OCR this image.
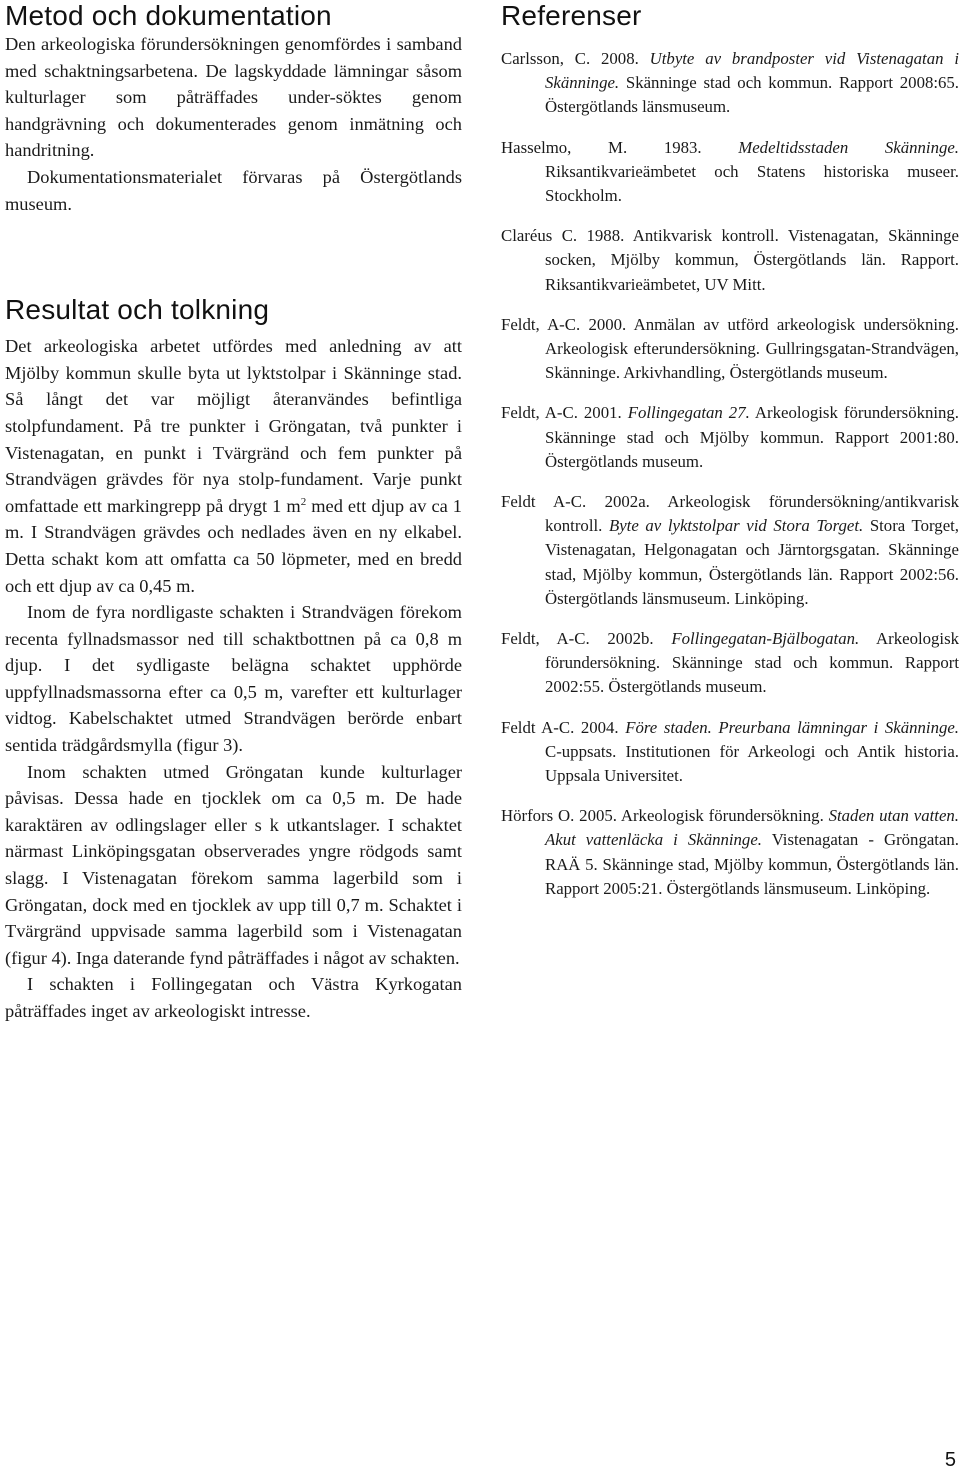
Metod och dokumentation

Den arkeologiska förundersökningen genomfördes i samband med schaktningsarbetena. De lagskyddade lämningar såsom kulturlager som påträffades under-söktes genom handgrävning och dokumenterades genom inmätning och handritning.

Dokumentationsmaterialet förvaras på Östergötlands museum.

Resultat och tolkning

Det arkeologiska arbetet utfördes med anledning av att Mjölby kommun skulle byta ut lyktstolpar i Skänninge stad. Så långt det var möjligt återanvändes befintliga stolpfundament. På tre punkter i Gröngatan, två punkter i Vistenagatan, en punkt i Tvärgränd och fem punkter på Strandvägen grävdes för nya stolp-fundament. Varje punkt omfattade ett markingrepp på drygt 1 $m^2$ med ett djup av ca 1 m. I Strandvägen grävdes och nedlades även en ny elkabel. Detta schakt kom att omfatta ca 50 löpmeter, med en bredd och ett djup av ca 0,45 m.

Inom de fyra nordligaste schakten i Strandvägen förekom recenta fyllnadsmassor ned till schaktbottnen på ca 0,8 m djup. I det sydligaste belägna schaktet upphörde uppfyllnadsmassorna efter ca 0,5 m, varefter ett kulturlager vidtog. Kabelschaktet utmed Strandvägen berörde enbart sentida trädgårdsmylla (figur 3).

Inom schakten utmed Gröngatan kunde kulturlager påvisas. Dessa hade en tjocklek om ca 0,5 m. De hade karaktären av odlingslager eller s k utkantslager. I schaktet närmast Linköpingsgatan observerades yngre rödgods samt slagg. I Vistenagatan förekom samma lagerbild som i Gröngatan, dock med en tjocklek av upp till 0,7 m. Schaktet i Tvärgränd uppvisade samma lagerbild som i Vistenagatan (figur 4). Inga daterande fynd påträffades i något av schakten.

I schakten i Follingegatan och Västra Kyrkogatan påträffades inget av arkeologiskt intresse.

Referenser

Carlsson, C. 2008. Utbyte av brandposter vid Vistenagatan i Skänninge. Skänninge stad och kommun. Rapport 2008:65. Östergötlands länsmuseum.

Hasselmo, M. 1983. Medeltidsstaden Skänninge. Riksantikvarieämbetet och Statens historiska museer. Stockholm.

Claréus C. 1988. Antikvarisk kontroll. Vistenagatan, Skänninge socken, Mjölby kommun, Östergötlands län. Rapport. Riksantikvarieämbetet, UV Mitt.

Feldt, A-C. 2000. Anmälan av utförd arkeologisk undersökning. Arkeologisk efterundersökning. Gullringsgatan-Strandvägen, Skänninge. Arkivhandling, Östergötlands museum.

Feldt, A-C. 2001. Follingegatan 27. Arkeologisk förundersökning. Skänninge stad och Mjölby kommun. Rapport 2001:80. Östergötlands museum.

Feldt A-C. 2002a. Arkeologisk förundersökning/antikvarisk kontroll. Byte av lyktstolpar vid Stora Torget. Stora Torget, Vistenagatan, Helgonagatan och Järntorgsgatan. Skänninge stad, Mjölby kommun, Östergötlands län. Rapport 2002:56. Östergötlands länsmuseum. Linköping.

Feldt, A-C. 2002b. Follingegatan-Bjälbogatan. Arkeologisk förundersökning. Skänninge stad och kommun. Rapport 2002:55. Östergötlands museum.

Feldt A-C. 2004. Före staden. Preurbana lämningar i Skänninge. C-uppsats. Institutionen för Arkeologi och Antik historia. Uppsala Universitet.

Hörfors O. 2005. Arkeologisk förundersökning. Staden utan vatten. Akut vattenläcka i Skänninge. Vistenagatan - Gröngatan. RAÄ 5. Skänninge stad, Mjölby kommun, Östergötlands län. Rapport 2005:21. Östergötlands länsmuseum. Linköping.

5
